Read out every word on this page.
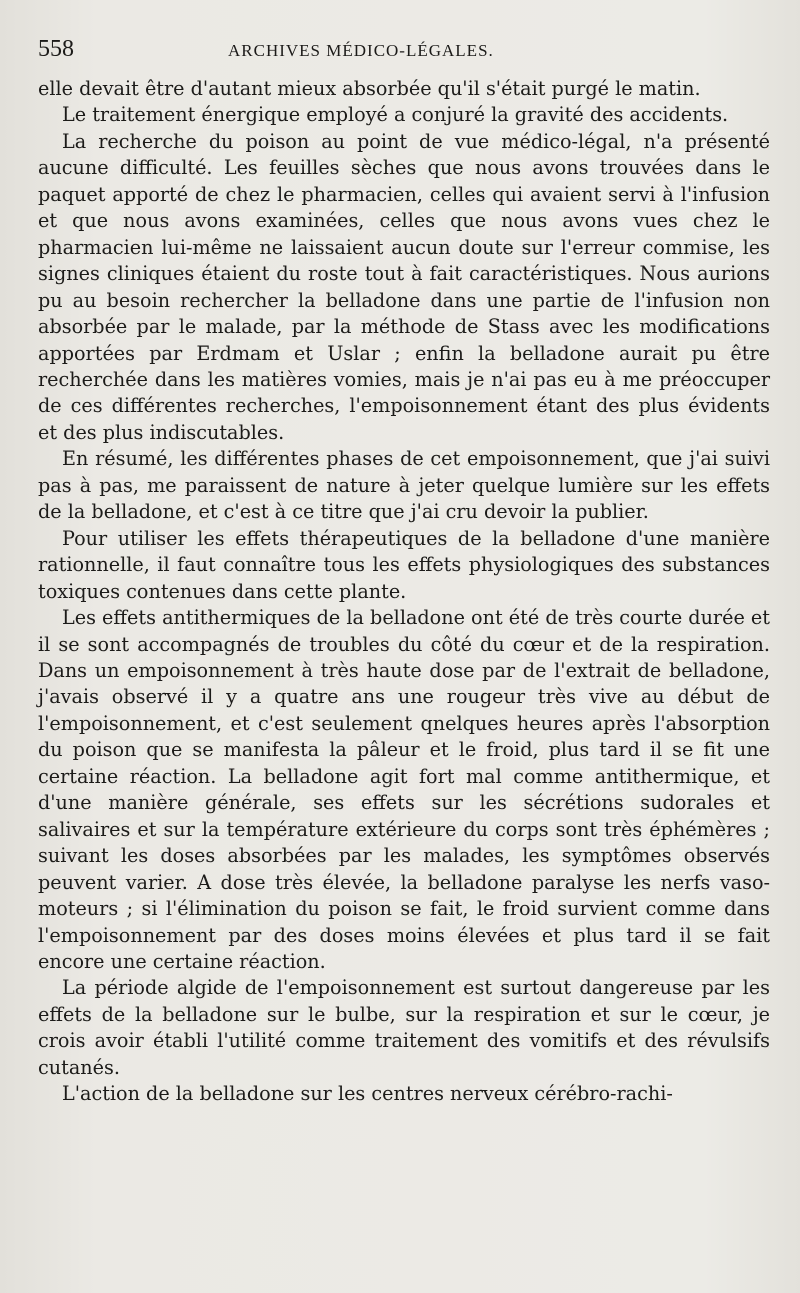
558	ARCHIVES MÉDICO-LÉGALES.

elle devait être d'autant mieux absorbée qu'il s'était purgé le matin.

Le traitement énergique employé a conjuré la gravité des accidents.

La recherche du poison au point de vue médico-légal, n'a présenté aucune difficulté. Les feuilles sèches que nous avons trouvées dans le paquet apporté de chez le pharmacien, celles qui avaient servi à l'infusion et que nous avons examinées, celles que nous avons vues chez le pharmacien lui-même ne laissaient aucun doute sur l'erreur commise, les signes cliniques étaient du roste tout à fait caractéristiques. Nous aurions pu au besoin rechercher la belladone dans une partie de l'infusion non absorbée par le malade, par la méthode de Stass avec les modifications apportées par Erdmam et Uslar ; enfin la belladone aurait pu être recherchée dans les matières vomies, mais je n'ai pas eu à me préoccuper de ces différentes recherches, l'empoisonnement étant des plus évidents et des plus indiscutables.

En résumé, les différentes phases de cet empoisonnement, que j'ai suivi pas à pas, me paraissent de nature à jeter quelque lumière sur les effets de la belladone, et c'est à ce titre que j'ai cru devoir la publier.

Pour utiliser les effets thérapeutiques de la belladone d'une manière rationnelle, il faut connaître tous les effets physiologiques des substances toxiques contenues dans cette plante.

Les effets antithermiques de la belladone ont été de très courte durée et il se sont accompagnés de troubles du côté du cœur et de la respiration. Dans un empoisonnement à très haute dose par de l'extrait de belladone, j'avais observé il y a quatre ans une rougeur très vive au début de l'empoisonnement, et c'est seulement qnelques heures après l'absorption du poison que se manifesta la pâleur et le froid, plus tard il se fit une certaine réaction. La belladone agit fort mal comme antithermique, et d'une manière générale, ses effets sur les sécrétions sudorales et salivaires et sur la température extérieure du corps sont très éphémères ; suivant les doses absorbées par les malades, les symptômes observés peuvent varier. A dose très élevée, la belladone paralyse les nerfs vaso-moteurs ; si l'élimination du poison se fait, le froid survient comme dans l'empoisonnement par des doses moins élevées et plus tard il se fait encore une certaine réaction.

La période algide de l'empoisonnement est surtout dangereuse par les effets de la belladone sur le bulbe, sur la respiration et sur le cœur, je crois avoir établi l'utilité comme traitement des vomitifs et des révulsifs cutanés.

L'action de la belladone sur les centres nerveux cérébro-rachi-
